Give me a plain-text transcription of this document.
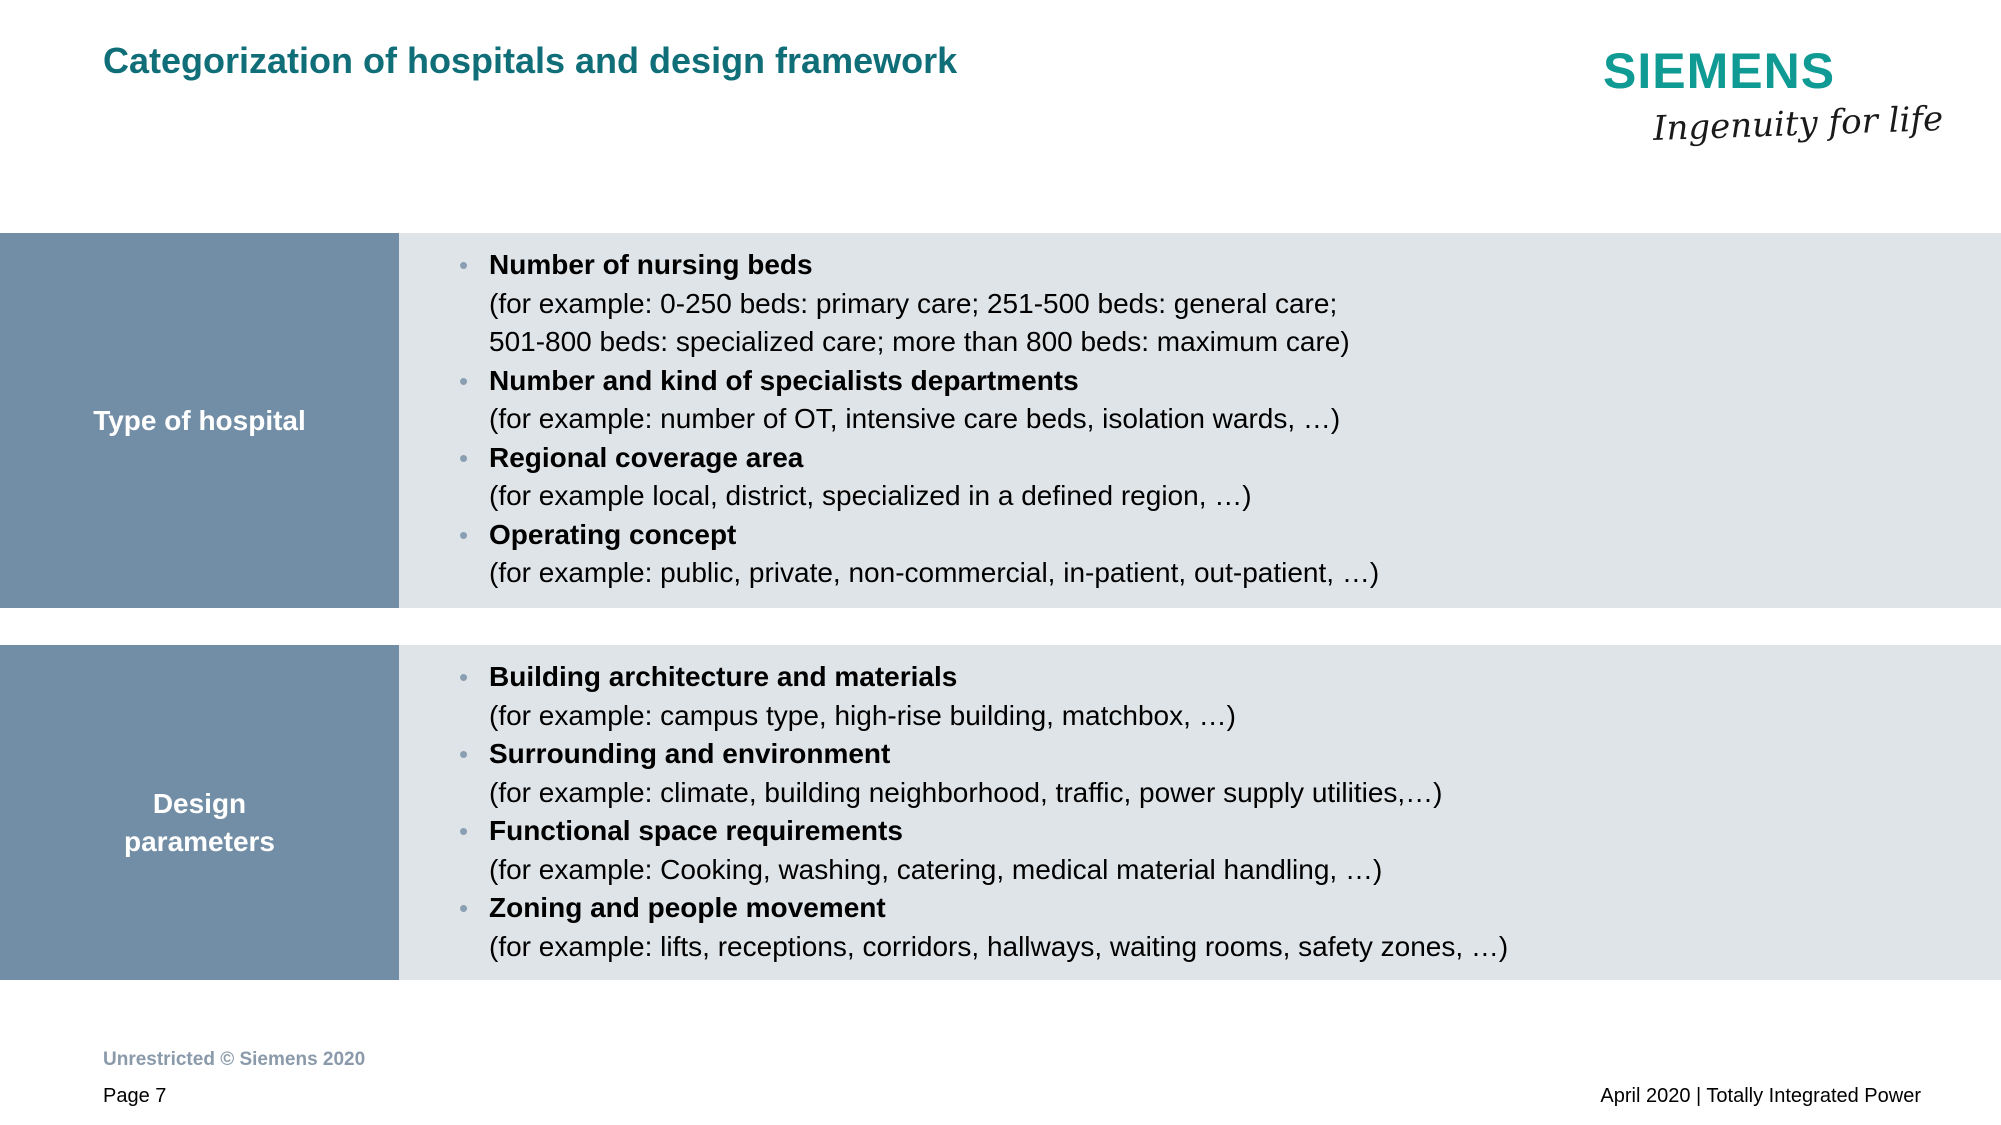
Categorization of hospitals and design framework	SIEMENS
Ingenuity for life
Type of hospital
• Number of nursing beds
(for example: 0-250 beds: primary care; 251-500 beds: general care;
501-800 beds: specialized care; more than 800 beds: maximum care)
• Number and kind of specialists departments
(for example: number of OT, intensive care beds, isolation wards, …)
• Regional coverage area
(for example local, district, specialized in a defined region, …)
• Operating concept
(for example: public, private, non-commercial, in-patient, out-patient, …)
Design
parameters
• Building architecture and materials
(for example: campus type, high-rise building, matchbox, …)
• Surrounding and environment
(for example: climate, building neighborhood, traffic, power supply utilities,…)
• Functional space requirements
(for example: Cooking, washing, catering, medical material handling, …)
• Zoning and people movement
(for example: lifts, receptions, corridors, hallways, waiting rooms, safety zones, …)
Unrestricted © Siemens 2020
Page 7	April 2020 | Totally Integrated Power
